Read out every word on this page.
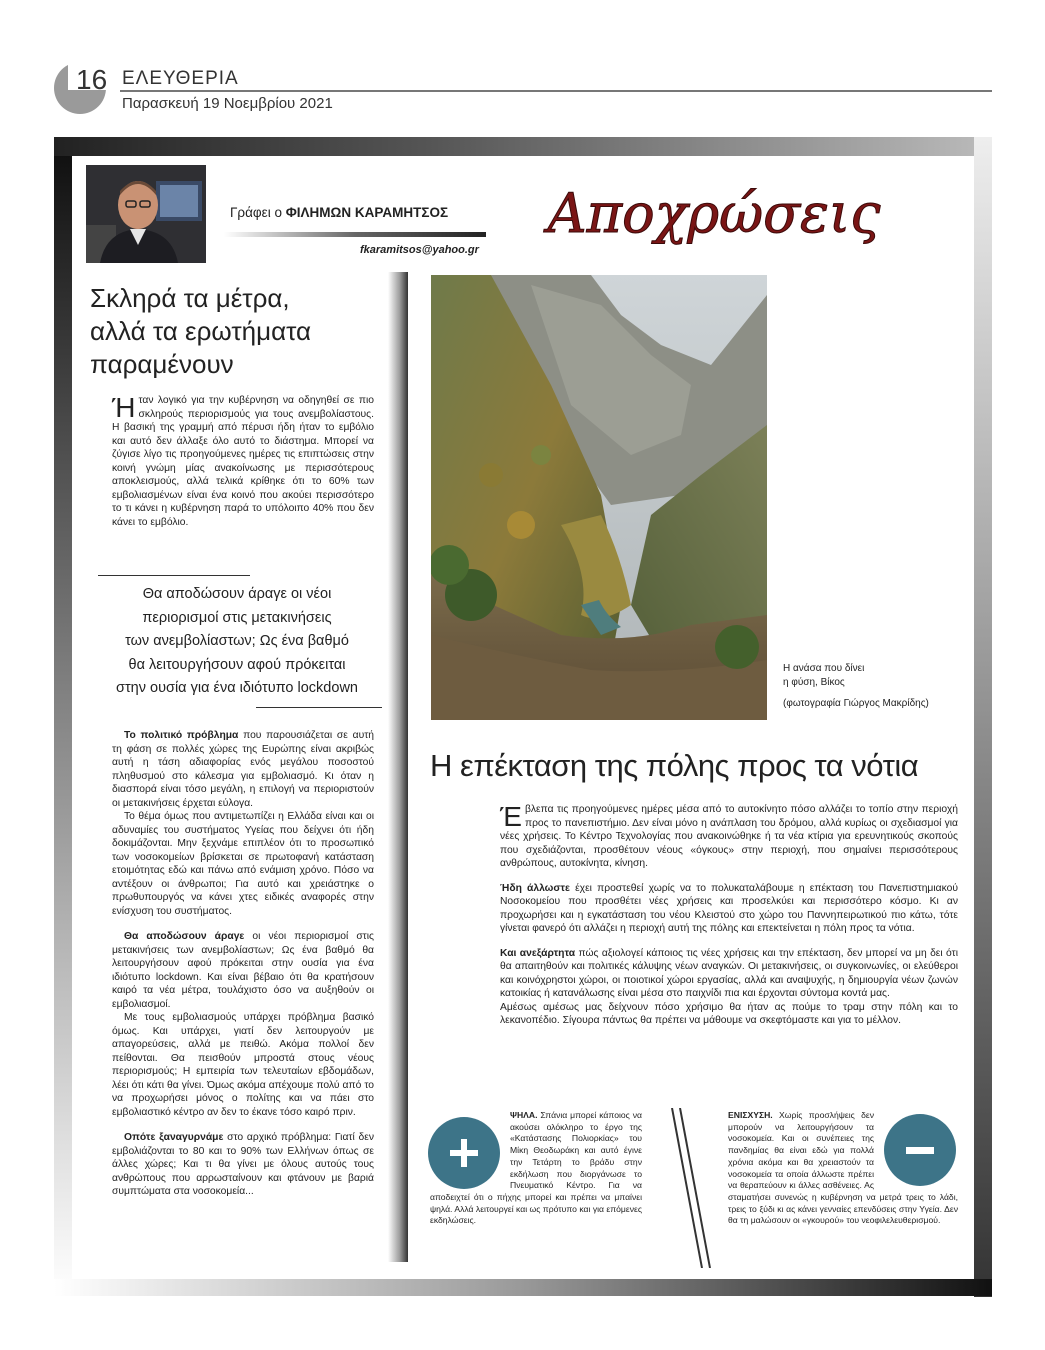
16 ΕΛΕΥΘΕΡΙΑ
Παρασκευή 19 Νοεμβρίου 2021
Γράφει ο ΦΙΛΗΜΩΝ ΚΑΡΑΜΗΤΣΟΣ
fkaramitsos@yahoo.gr
Αποχρώσεις
Σκληρά τα μέτρα,
αλλά τα ερωτήματα
παραμένουν

Ήταν λογικό για την κυβέρνηση να οδηγηθεί σε πιο σκληρούς περιορισμούς για τους ανεμβολίαστους. Η βασική της γραμμή από πέρυσι ήδη ήταν το εμβόλιο και αυτό δεν άλλαξε όλο αυτό το διάστημα. Μπορεί να ζύγισε λίγο τις προηγούμενες ημέρες τις επιπτώσεις στην κοινή γνώμη μίας ανακοίνωσης με περισσότερους αποκλεισμούς, αλλά τελικά κρίθηκε ότι το 60% των εμβολιασμένων είναι ένα κοινό που ακούει περισσότερο το τι κάνει η κυβέρνηση παρά το υπόλοιπο 40% που δεν κάνει το εμβόλιο.

Θα αποδώσουν άραγε οι νέοι
περιορισμοί στις μετακινήσεις
των ανεμβολίαστων; Ως ένα βαθμό
θα λειτουργήσουν αφού πρόκειται
στην ουσία για ένα ιδιότυπο lockdown

Το πολιτικό πρόβλημα που παρουσιάζεται σε αυτή τη φάση σε πολλές χώρες της Ευρώπης είναι ακριβώς αυτή η τάση αδιαφορίας ενός μεγάλου ποσοστού πληθυσμού στο κάλεσμα για εμβολιασμό. Κι όταν η διασπορά είναι τόσο μεγάλη, η επιλογή να περιοριστούν οι μετακινήσεις έρχεται εύλογα.

Το θέμα όμως που αντιμετωπίζει η Ελλάδα είναι και οι αδυναμίες του συστήματος Υγείας που δείχνει ότι ήδη δοκιμάζονται. Μην ξεχνάμε επιπλέον ότι το προσωπικό των νοσοκομείων βρίσκεται σε πρωτοφανή κατάσταση ετοιμότητας εδώ και πάνω από ενάμιση χρόνο. Πόσο να αντέξουν οι άνθρωποι; Για αυτό και χρειάστηκε ο πρωθυπουργός να κάνει χτες ειδικές αναφορές στην ενίσχυση του συστήματος.

Θα αποδώσουν άραγε οι νέοι περιορισμοί στις μετακινήσεις των ανεμβολίαστων; Ως ένα βαθμό θα λειτουργήσουν αφού πρόκειται στην ουσία για ένα ιδιότυπο lockdown. Και είναι βέβαιο ότι θα κρατήσουν καιρό τα νέα μέτρα, τουλάχιστο όσο να αυξηθούν οι εμβολιασμοί.

Με τους εμβολιασμούς υπάρχει πρόβλημα βασικό όμως. Και υπάρχει, γιατί δεν λειτουργούν με απαγορεύσεις, αλλά με πειθώ. Ακόμα πολλοί δεν πείθονται. Θα πεισθούν μπροστά στους νέους περιορισμούς; Η εμπειρία των τελευταίων εβδομάδων, λέει ότι κάτι θα γίνει. Όμως ακόμα απέχουμε πολύ από το να προχωρήσει μόνος ο πολίτης και να πάει στο εμβολιαστικό κέντρο αν δεν το έκανε τόσο καιρό πριν.

Οπότε ξαναγυρνάμε στο αρχικό πρόβλημα: Γιατί δεν εμβολιάζονται το 80 και το 90% των Ελλήνων όπως σε άλλες χώρες; Και τι θα γίνει με όλους αυτούς τους ανθρώπους που αρρωσταίνουν και φτάνουν με βαριά συμπτώματα στα νοσοκομεία...

Η ανάσα που δίνει
η φύση, Βίκος
(φωτογραφία Γιώργος Μακρίδης)
Η επέκταση της πόλης προς τα νότια

Έβλεπα τις προηγούμενες ημέρες μέσα από το αυτοκίνητο πόσο αλλάζει το τοπίο στην περιοχή προς το πανεπιστήμιο. Δεν είναι μόνο η ανάπλαση του δρόμου, αλλά κυρίως οι σχεδιασμοί για νέες χρήσεις. Το Κέντρο Τεχνολογίας που ανακοινώθηκε ή τα νέα κτίρια για ερευνητικούς σκοπούς που σχεδιάζονται, προσθέτουν νέους «όγκους» στην περιοχή, που σημαίνει περισσότερους ανθρώπους, αυτοκίνητα, κίνηση.

Ήδη άλλωστε έχει προστεθεί χωρίς να το πολυκαταλάβουμε η επέκταση του Πανεπιστημιακού Νοσοκομείου που προσθέτει νέες χρήσεις και προσελκύει και περισσότερο κόσμο. Κι αν προχωρήσει και η εγκατάσταση του νέου Κλειστού στο χώρο του Παννηπειρωτικού πιο κάτω, τότε γίνεται φανερό ότι αλλάζει η περιοχή αυτή της πόλης και επεκτείνεται η πόλη προς τα νότια.

Και ανεξάρτητα πώς αξιολογεί κάποιος τις νέες χρήσεις και την επέκταση, δεν μπορεί να μη δει ότι θα απαιτηθούν και πολιτικές κάλυψης νέων αναγκών. Οι μετακινήσεις, οι συγκοινωνίες, οι ελεύθεροι και κοινόχρηστοι χώροι, οι ποιοτικοί χώροι εργασίας, αλλά και αναψυχής, η δημιουργία νέων ζωνών κατοικίας ή κατανάλωσης είναι μέσα στο παιχνίδι πια και έρχονται σύντομα κοντά μας.

Αμέσως αμέσως μας δείχνουν πόσο χρήσιμο θα ήταν ας πούμε το τραμ στην πόλη και το λεκανοπέδιο. Σίγουρα πάντως θα πρέπει να μάθουμε να σκεφτόμαστε και για το μέλλον.

ΨΗΛΑ. Σπάνια μπορεί κάποιος να ακούσει ολόκληρο το έργο της «Κατάστασης Πολιορκίας» του Μίκη Θεοδωράκη και αυτό έγινε την Τετάρτη το βράδυ στην εκδήλωση που διοργάνωσε το Πνευματικό Κέντρο. Για να αποδειχτεί ότι ο πήχης μπορεί και πρέπει να μπαίνει ψηλά. Αλλά λειτουργεί και ως πρότυπο και για επόμενες εκδηλώσεις.
ΕΝΙΣΧΥΣΗ. Χωρίς προσλήψεις δεν μπορούν να λειτουργήσουν τα νοσοκομεία. Και οι συνέπειες της πανδημίας θα είναι εδώ για πολλά χρόνια ακόμα και θα χρειαστούν τα νοσοκομεία τα οποία άλλωστε πρέπει να θεραπεύουν κι άλλες ασθένειες. Ας σταματήσει συνενώς η κυβέρνηση να μετρά τρεις το λάδι, τρεις το ξύδι κι ας κάνει γενναίες επενδύσεις στην Υγεία. Δεν θα τη μαλώσουν οι «γκουρού» του νεοφιλελευθερισμού.
